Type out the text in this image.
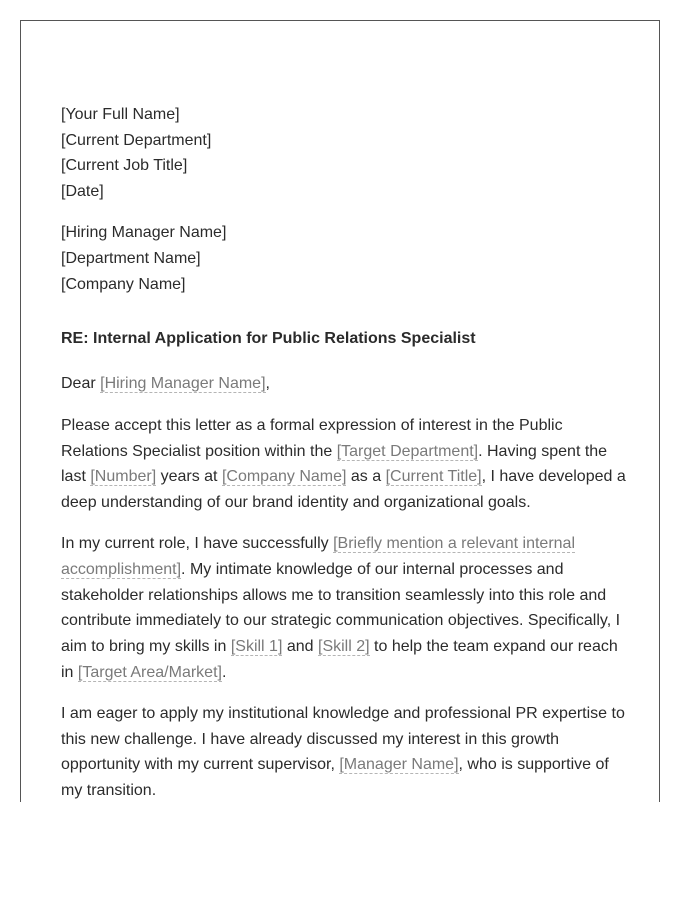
[Your Full Name]
[Current Department]
[Current Job Title]
[Date]
[Hiring Manager Name]
[Department Name]
[Company Name]
RE: Internal Application for Public Relations Specialist
Dear [Hiring Manager Name],

Please accept this letter as a formal expression of interest in the Public Relations Specialist position within the [Target Department]. Having spent the last [Number] years at [Company Name] as a [Current Title], I have developed a deep understanding of our brand identity and organizational goals.

In my current role, I have successfully [Briefly mention a relevant internal accomplishment]. My intimate knowledge of our internal processes and stakeholder relationships allows me to transition seamlessly into this role and contribute immediately to our strategic communication objectives. Specifically, I aim to bring my skills in [Skill 1] and [Skill 2] to help the team expand our reach in [Target Area/Market].

I am eager to apply my institutional knowledge and professional PR expertise to this new challenge. I have already discussed my interest in this growth opportunity with my current supervisor, [Manager Name], who is supportive of my transition.
